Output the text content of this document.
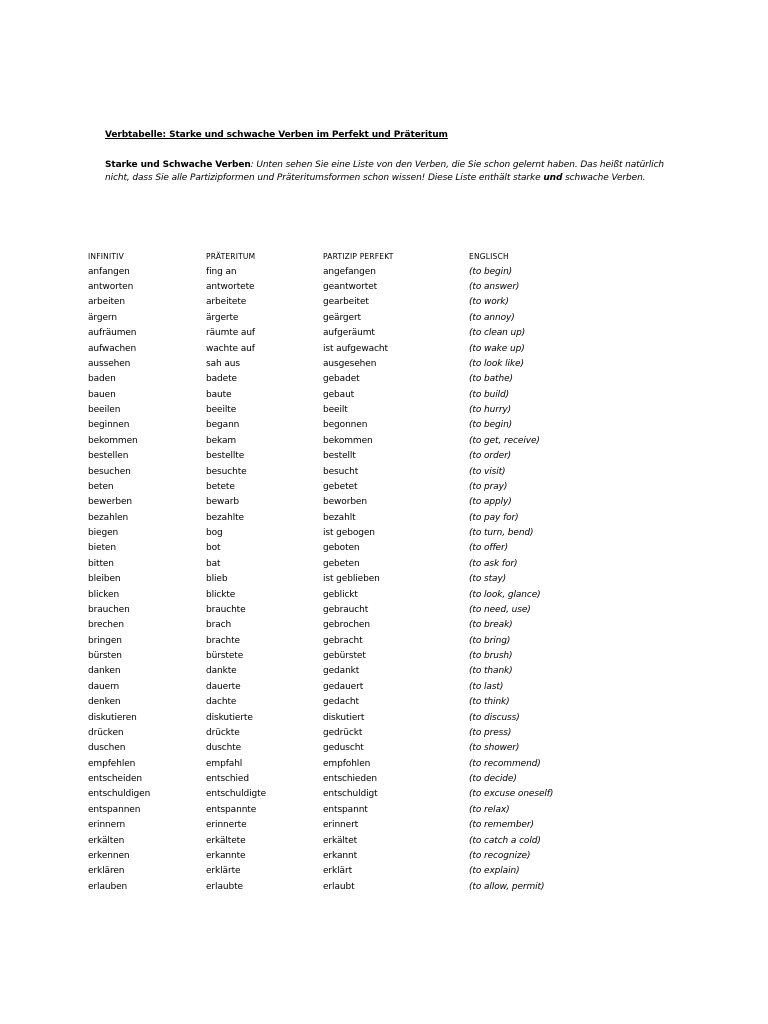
Verbtabelle: Starke und schwache Verben im Perfekt und Präteritum
Starke und Schwache Verben: Unten sehen Sie eine Liste von den Verben, die Sie schon gelernt haben. Das heißt natürlich nicht, dass Sie alle Partizipformen und Präteritumsformen schon wissen! Diese Liste enthält starke und schwache Verben.
INFINITIV	PRÄTERITUM	PARTIZIP PERFEKT	ENGLISCH
anfangen	fing an	angefangen	(to begin)
antworten	antwortete	geantwortet	(to answer)
arbeiten	arbeitete	gearbeitet	(to work)
ärgern	ärgerte	geärgert	(to annoy)
aufräumen	räumte auf	aufgeräumt	(to clean up)
aufwachen	wachte auf	ist aufgewacht	(to wake up)
aussehen	sah aus	ausgesehen	(to look like)
baden	badete	gebadet	(to bathe)
bauen	baute	gebaut	(to build)
beeilen	beeilte	beeilt	(to hurry)
beginnen	begann	begonnen	(to begin)
bekommen	bekam	bekommen	(to get, receive)
bestellen	bestellte	bestellt	(to order)
besuchen	besuchte	besucht	(to visit)
beten	betete	gebetet	(to pray)
bewerben	bewarb	beworben	(to apply)
bezahlen	bezahlte	bezahlt	(to pay for)
biegen	bog	ist gebogen	(to turn, bend)
bieten	bot	geboten	(to offer)
bitten	bat	gebeten	(to ask for)
bleiben	blieb	ist geblieben	(to stay)
blicken	blickte	geblickt	(to look, glance)
brauchen	brauchte	gebraucht	(to need, use)
brechen	brach	gebrochen	(to break)
bringen	brachte	gebracht	(to bring)
bürsten	bürstete	gebürstet	(to brush)
danken	dankte	gedankt	(to thank)
dauern	dauerte	gedauert	(to last)
denken	dachte	gedacht	(to think)
diskutieren	diskutierte	diskutiert	(to discuss)
drücken	drückte	gedrückt	(to press)
duschen	duschte	geduscht	(to shower)
empfehlen	empfahl	empfohlen	(to recommend)
entscheiden	entschied	entschieden	(to decide)
entschuldigen	entschuldigte	entschuldigt	(to excuse oneself)
entspannen	entspannte	entspannt	(to relax)
erinnern	erinnerte	erinnert	(to remember)
erkälten	erkältete	erkältet	(to catch a cold)
erkennen	erkannte	erkannt	(to recognize)
erklären	erklärte	erklärt	(to explain)
erlauben	erlaubte	erlaubt	(to allow, permit)
